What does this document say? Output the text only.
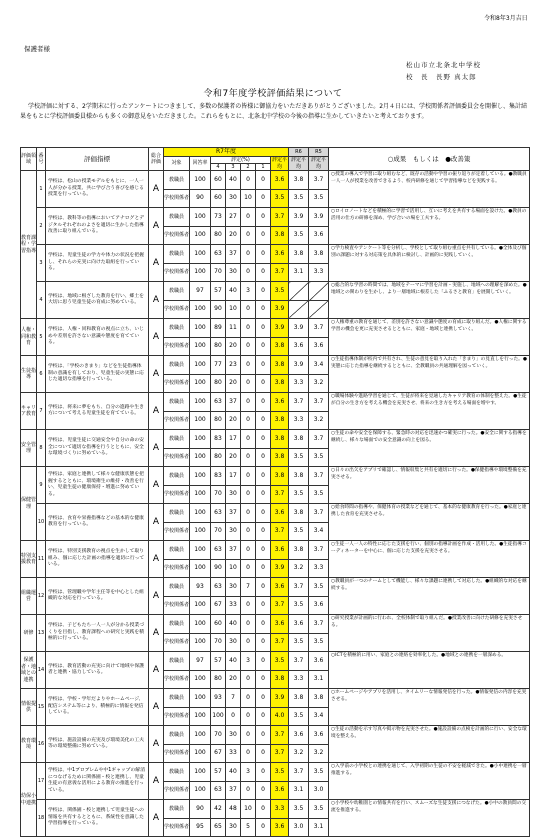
令和8年3月吉日
保護者様
松山市立北条北中学校
校　長　長野 真太郎
令和7年度学校評価結果について
学校評価に対する、2学期末に行ったアンケートにつきまして、多数の保護者の皆様に御協力をいただきありがとうございました。2月４日には、学校関係者評価委員会を開催し、集計結果をもとに学校評価委員様からも多くの御意見をいただきました。これらをもとに、北条北中学校の今後の指導に生かしていきたいと考えております。
評価領域	番号	評価指標	総合評価	R7年度							R6	R5	○成果　もしくは　●改善策
				対象	回答率	評定(%)
4 3 2 1				評定平均	評定平均	評定平均	
教育課程・学習指導	1	学校は、松山の授業モデルをもとに、一人一人が分かる授業、共に学び合う喜びを感じる授業を行っている。	A	教職員	100	60	40	0	0	3.6	3.8	3.7	○授業の導入で学習に取り組むなど、既存の活動や学習の振り返りが定着している。●教職員一人一人が授業を改善できるよう、校内研修を通じて学習指導などを実践する。
				学校関係者	90	60	30	10	0	3.5	3.5	3.5	
	2	学校は、教科等の指導においてアナログとデジタルそれぞれのよさを適切に生かした指導改善に取り組んでいる。	A	教職員	100	73	27	0	0	3.7	3.9	3.9	○ロイロノートなどを積極的に学習で活用し、互いに考えを共有する場面を設けた。●教員の活用の仕方の研修を深め、学び合いの場を工夫する。
				学校関係者	100	80	20	0	0	3.8	3.5	3.6	
	3	学校は、児童生徒の学力や体力の状況を把握し、それらの充実に向けた取組を行っている。	A	教職員	100	63	37	0	0	3.6	3.8	3.8	○学力検査やアンケート等を分析し、学校として取り組む重点を共有している。●全体及び個別の課題に対する対応策を具体的に検討し、計画的に実践していく。
				学校関係者	100	70	30	0	0	3.7	3.1	3.3	
	4	学校は、地域に根ざした教育を行い、郷土を大切に思う児童生徒の育成に努めている。	A	教職員	97	57	40	3	0	3.5			○総合的な学習の時間では、地域をテーマに学習を計画・実施し、地域への理解を深めた。●地域との関わりを生かし、より一層地域に根差した「ふるさと教育」を展開していく。
				学校関係者	100	90	10	0	0	3.9			
人権・同和教育	5	学校は、人権・同和教育の視点に立ち、いじめや差別を許さない意識や態度を育てている。	A	教職員	100	89	11	0	0	3.9	3.9	3.7	○人権尊重の教育を通じて、差別を許さない意識や態度の育成に取り組んだ。●人権に関する学習の機会を更に充実させるとともに、家庭・地域と連携していく。
				学校関係者	100	80	20	0	0	3.8	3.6	3.6	
生徒指導	6	学校は、「学校のきまり」などを生徒指導体制の意識を有しており、児童生徒の実態に応じた適切な指導を行っている。	A	教職員	100	77	23	0	0	3.8	3.9	3.4	○生徒指導体制が校内で共有され、生徒の意見を取り入れた「きまり」の見直しを行った。●実態に応じた指導を継続するとともに、全教職員の共通理解を図っていく。
				学校関係者	100	80	20	0	0	3.8	3.3	3.2	
キャリア教育	7	学校は、将来に夢をもち、自分の進路や生き方について考える児童生徒を育てている。	A	教職員	100	63	37	0	0	3.6	3.7	3.7	○職場体験や進路学習を通じて、生徒が将来を見通したキャリア教育の体制を整えた。●生徒が自分の生き方を考える機会を充実させ、将来の生き方を考える場面を増やす。
				学校関係者	100	80	20	0	0	3.8	3.3	3.2	
安全管理	8	学校は、児童生徒に交通安全や自分の命の安全について適切な指導を行うとともに、安全な環境づくりに努めている。	A	教職員	100	83	17	0	0	3.8	3.8	3.7	○生徒の命や安全を保障する、緊急時の対応を迅速かつ確実に行った。●安全に関する指導を継続し、様々な場面での安全意識の向上を図る。
				学校関係者	100	80	20	0	0	3.8	3.5	3.5	
保健管理	9	学校は、家庭と連携して様々な健康状態を把握するとともに、環境衛生の維持・改善を行い、児童生徒の健康保持・増進に努めている。	A	教職員	100	83	17	0	0	3.8	3.8	3.7	○日々の出欠をアプリで確認し、情報収集と共有を適切に行った。●保健指導や環境整備を充実させる。
				学校関係者	100	70	30	0	0	3.7	3.5	3.5	
	10	学校は、食育や栄養指導などの基本的な健康教育を行っている。	A	教職員	100	63	37	0	0	3.6	3.8	3.7	○給食時間の指導や、保健体育の授業などを通じて、基本的な健康教育を行った。●家庭と連携した食育を充実させる。
				学校関係者	100	70	30	0	0	3.7	3.5	3.4	
特別支援教育	11	学校は、特別支援教育の視点を生かして取り組み、個に応じた計画の指導を適切に行っている。	A	教職員	100	63	37	0	0	3.6	3.8	3.7	○生徒一人一人の特性に応じた支援を行い、個別の指導計画を作成・活用した。●生徒指導コーディネーターを中心に、個に応じた支援を充実させる。
				学校関係者	100	90	10	0	0	3.9	3.2	3.3	
組織運営	12	学校は、管理職や学年主任等を中心とした組織的な対応を行っている。	A	教職員	93	63	30	7	0	3.6	3.7	3.5	○教職員が一つのチームとして機能し、様々な課題に連携して対応した。●組織的な対応を継続する。
				学校関係者	100	67	33	0	0	3.7	3.5	3.6	
研修	13	学校は、子どもたち一人一人が分かる授業づくりを目指し、教育課程への研究と実践を積極的に行っている。	A	教職員	100	60	40	0	0	3.6	3.6	3.7	○研究授業が計画的に行われ、全校体制で取り組んだ。●授業改善に向けた研修を充実させる。
				学校関係者	100	70	30	0	0	3.7	3.5	3.5	
保護者・地域との連携	14	学校は、教育活動の充実に向けて地域や保護者と連携・協力している。	A	教職員	97	57	40	3	0	3.5	3.7	3.6	○ICTを積極的に用い、家庭との連絡を効率化した。●地域との連携を一層深める。
				学校関係者	100	80	20	0	0	3.8	3.3	3.1	
情報提供	15	学校は、学校・学年だよりやホームページ、配信システム等により、積極的に情報を発信している。	A	教職員	100	93	7	0	0	3.9	3.8	3.8	○ホームページやアプリを活用し、タイムリーな情報発信を行った。●情報発信の内容を充実させる。
				学校関係者	100	100	0	0	0	4.0	3.5	3.4	
教育環境	16	学校は、施設設備の充実及び環境美化の工夫等の環境整備に努めている。	A	教職員	100	70	30	0	0	3.7	3.6	3.6	○生徒の活動を示す写真や掲示物を充実させた。●施設設備の点検を計画的に行い、安全な環境を整える。
				学校関係者	100	67	33	0	0	3.7	3.2	3.2	
幼保小中連携	17	学校は、中1ブロブレムや中1ギャップの解消につなげるために関係園・校と連携し、児童生徒の有意義な活用による教育の推進を行っている。	A	教職員	100	57	40	3	0	3.5	3.7	3.5	○入学前の小学校との連携を通じて、入学初期の生徒の不安を軽減できた。●小中連携を一層推進する。
				学校関係者	100	63	37	0	0	3.6	3.1	3.0	
	18	学校は、関係園・校と連携して児童生徒への情報を共有するとともに、系統性を意識した学習指導を行っている。	A	教職員	90	42	48	10	0	3.3	3.5	3.5	○小学校や幼稚園との情報共有を行い、スムーズな生徒支援につなげた。●小中の教員間の交流を推進する。
				学校関係者	95	65	30	5	0	3.6	3.0	3.1	
